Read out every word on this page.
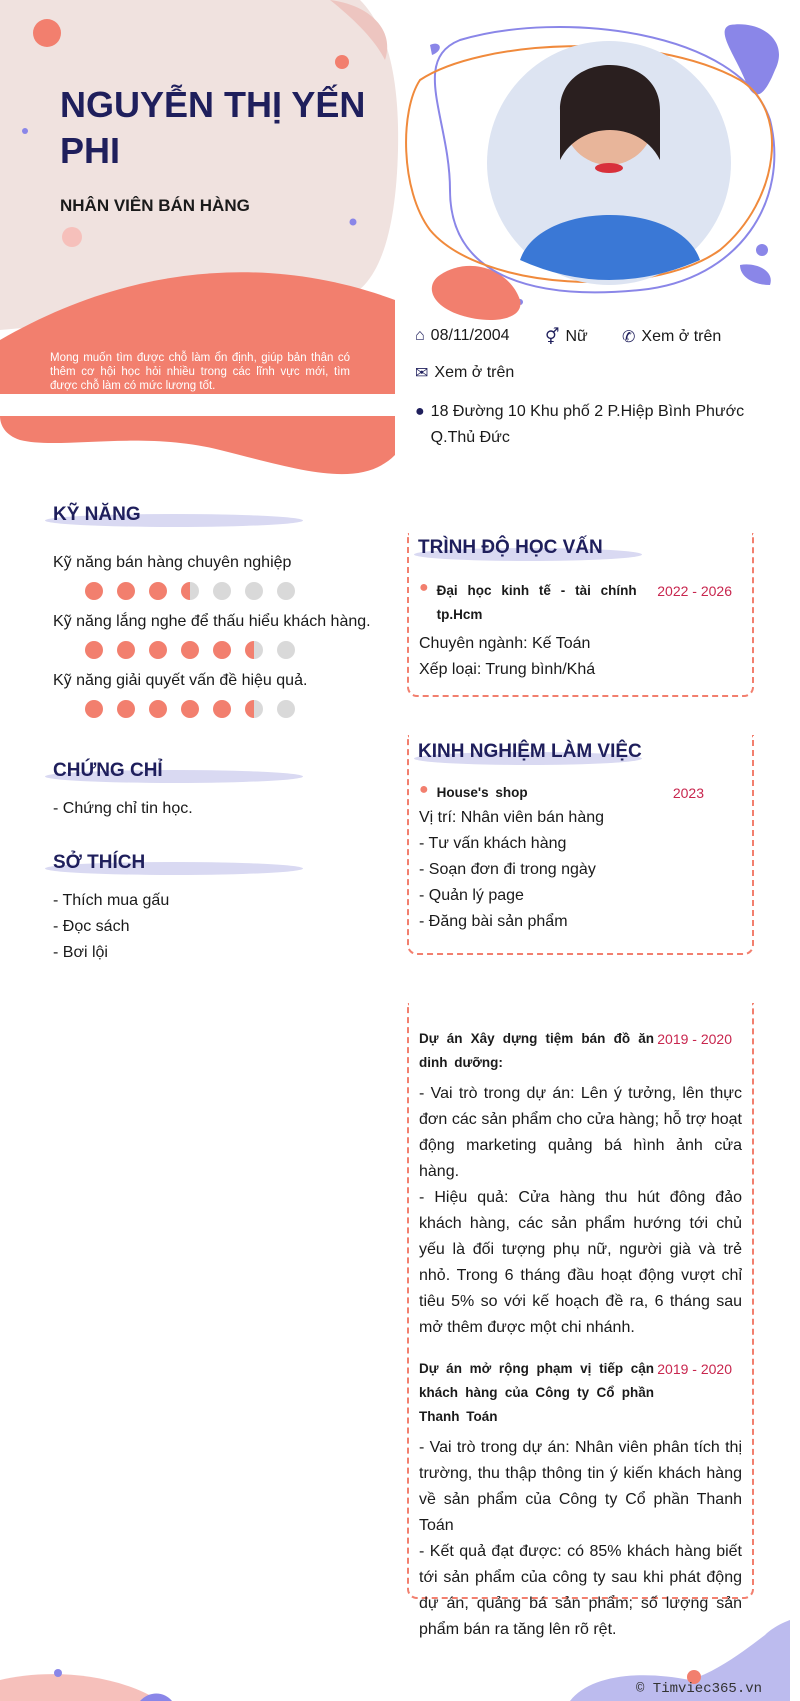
NGUYỄN THỊ YẾN PHI
NHÂN VIÊN BÁN HÀNG
Mong muốn tìm được chỗ làm ổn định, giúp bản thân có thêm cơ hội học hỏi nhiều trong các lĩnh vực mới, tìm được chỗ làm có mức lương tốt.
⌂ 08/11/2004 ⚥ Nữ ✆ Xem ở trên
✉ Xem ở trên
● 18 Đường 10 Khu phố 2 P.Hiệp Bình Phước Q.Thủ Đức
KỸ NĂNG
Kỹ năng bán hàng chuyên nghiệp
Kỹ năng lắng nghe để thấu hiểu khách hàng.
Kỹ năng giải quyết vấn đề hiệu quả.
CHỨNG CHỈ
- Chứng chỉ tin học.
SỞ THÍCH
- Thích mua gấu
- Đọc sách
- Bơi lội
TRÌNH ĐỘ HỌC VẤN
● Đại học kinh tế - tài chính tp.Hcm
2022 - 2026
Chuyên ngành: Kế Toán
Xếp loại: Trung bình/Khá
KINH NGHIỆM LÀM VIỆC
● House's shop	2023
Vị trí: Nhân viên bán hàng
- Tư vấn khách hàng
- Soạn đơn đi trong ngày
- Quản lý page
- Đăng bài sản phẩm
Dự án Xây dựng tiệm bán đồ ăn dinh dưỡng:
2019 - 2020
- Vai trò trong dự án: Lên ý tưởng, lên thực đơn các sản phẩm cho cửa hàng; hỗ trợ hoạt động marketing quảng bá hình ảnh cửa hàng.
- Hiệu quả: Cửa hàng thu hút đông đảo khách hàng, các sản phẩm hướng tới chủ yếu là đối tượng phụ nữ, người già và trẻ nhỏ. Trong 6 tháng đầu hoạt động vượt chỉ tiêu 5% so với kế hoạch đề ra, 6 tháng sau mở thêm được một chi nhánh.
Dự án mở rộng phạm vị tiếp cận khách hàng của Công ty Cổ phần Thanh Toán
2019 - 2020
- Vai trò trong dự án: Nhân viên phân tích thị trường, thu thập thông tin ý kiến khách hàng về sản phẩm của Công ty Cổ phần Thanh Toán
- Kết quả đạt được: có 85% khách hàng biết tới sản phẩm của công ty sau khi phát động dự án, quảng bá sản phẩm; số lượng sản phẩm bán ra tăng lên rõ rệt.
© Timviec365.vn
